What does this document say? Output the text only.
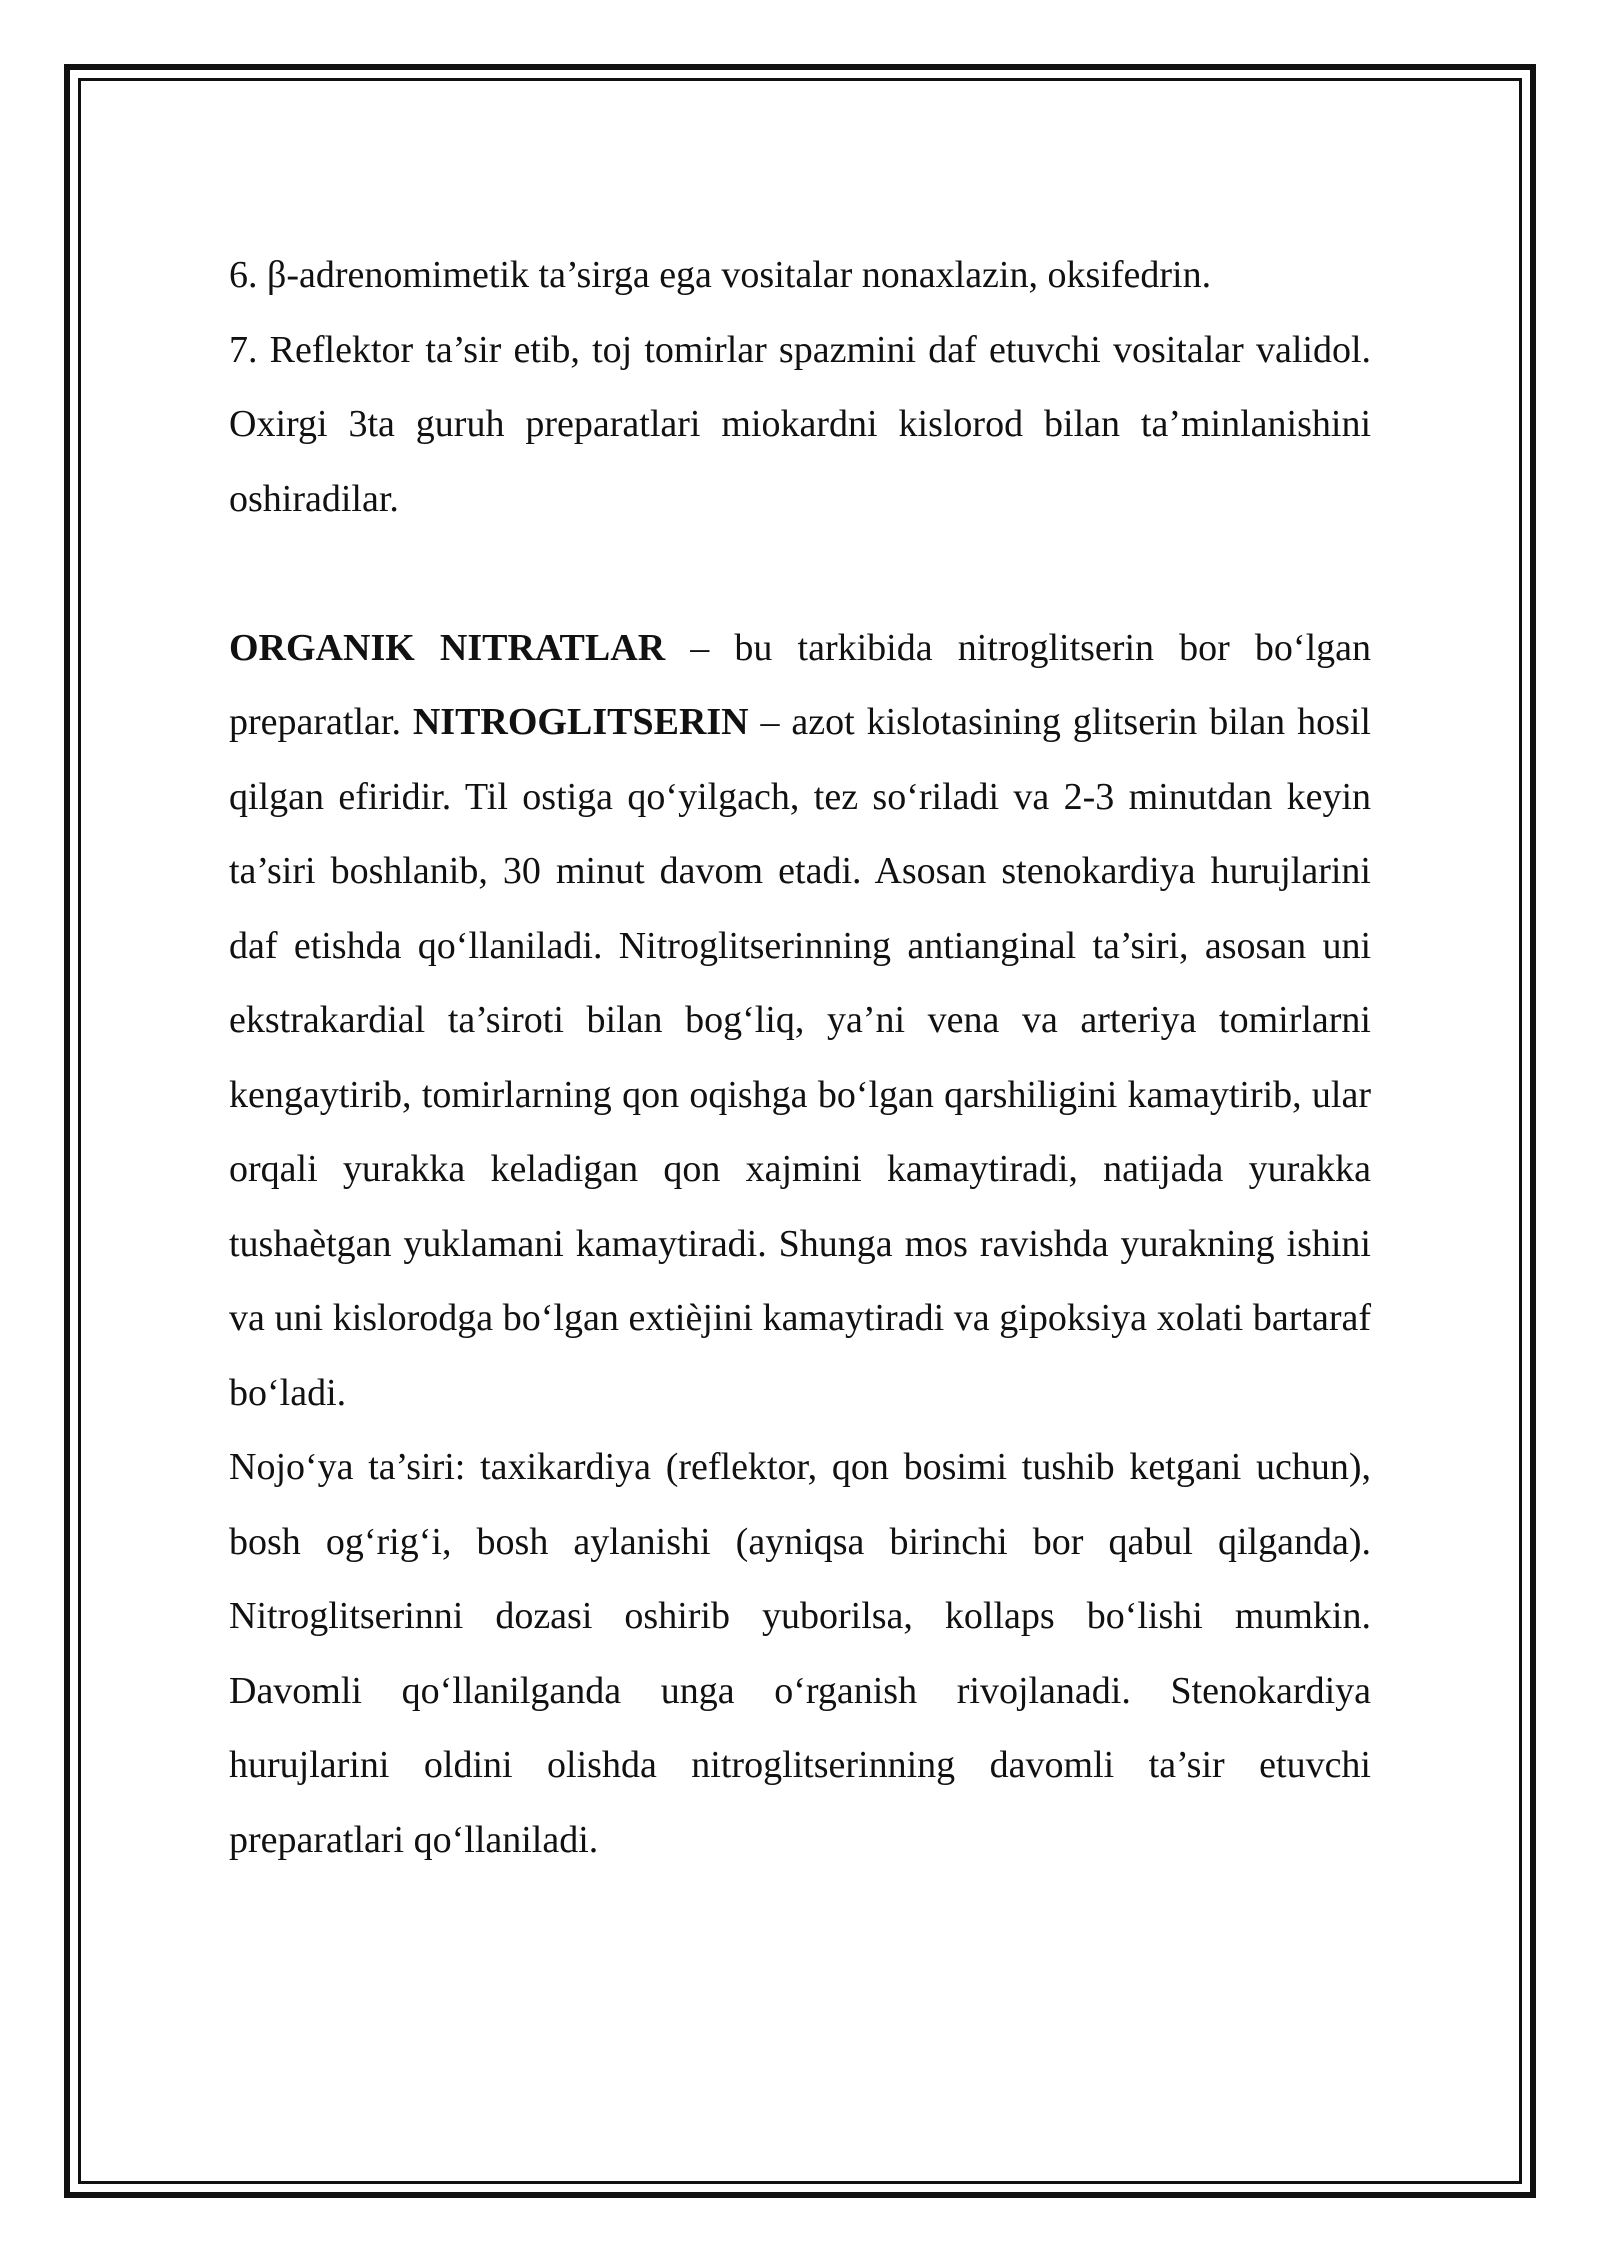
6. β-adrenomimetik ta’sirga ega vositalar nonaxlazin, oksifedrin.

7. Reflektor ta’sir etib, toj tomirlar spazmini daf etuvchi vositalar validol. Oxirgi 3ta guruh preparatlari miokardni kislorod bilan ta’minlanishini oshiradilar.

ORGANIK NITRATLAR – bu tarkibida nitroglitserin bor bo‘lgan preparatlar. NITROGLITSERIN – azot kislotasining glitserin bilan hosil qilgan efiridir. Til ostiga qo‘yilgach, tez so‘riladi va 2-3 minutdan keyin ta’siri boshlanib, 30 minut davom etadi. Asosan stenokardiya hurujlarini daf etishda qo‘llaniladi. Nitroglitserinning antianginal ta’siri, asosan uni ekstrakardial ta’siroti bilan bog‘liq, ya’ni vena va arteriya tomirlarni kengaytirib, tomirlarning qon oqishga bo‘lgan qarshiligini kamaytirib, ular orqali yurakka keladigan qon xajmini kamaytiradi, natijada yurakka tushaètgan yuklamani kamaytiradi. Shunga mos ravishda yurakning ishini va uni kislorodga bo‘lgan extièjini kamaytiradi va gipoksiya xolati bartaraf bo‘ladi.

Nojo‘ya ta’siri: taxikardiya (reflektor, qon bosimi tushib ketgani uchun), bosh og‘rig‘i, bosh aylanishi (ayniqsa birinchi bor qabul qilganda). Nitroglitserinni dozasi oshirib yuborilsa, kollaps bo‘lishi mumkin. Davomli qo‘llanilganda unga o‘rganish rivojlanadi. Stenokardiya hurujlarini oldini olishda nitroglitserinning davomli ta’sir etuvchi preparatlari qo‘llaniladi.
